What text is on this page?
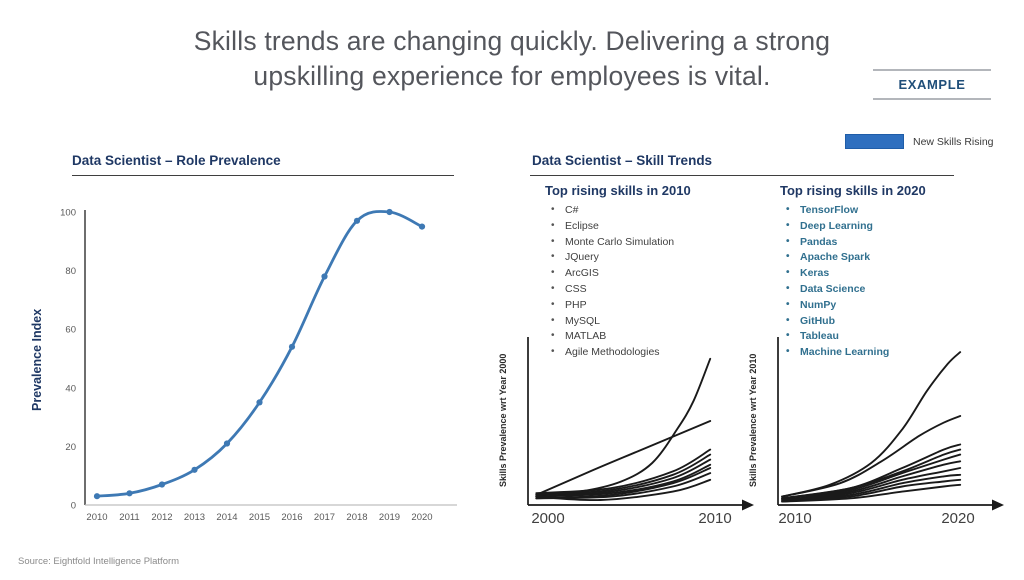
Skills trends are changing quickly. Delivering a strong upskilling experience for employees is vital.	EXAMPLE
New Skills Rising
Data Scientist – Role Prevalence
Prevalence Index
0
20
40
60
80
100
2010 2011 2012 2013 2014 2015 2016 2017 2018 2019 2020
Data Scientist – Skill Trends
Top rising skills in 2010
• C#
• Eclipse
• Monte Carlo Simulation
• JQuery
• ArcGIS
• CSS
• PHP
• MySQL
• MATLAB
• Agile Methodologies
Top rising skills in 2020
• TensorFlow
• Deep Learning
• Pandas
• Apache Spark
• Keras
• Data Science
• NumPy
• GitHub
• Tableau
• Machine Learning
Skills Prevalence wrt Year 2000
2000	2010
Skills Prevalence wrt Year 2010
2010	2020
Source: Eightfold Intelligence Platform
